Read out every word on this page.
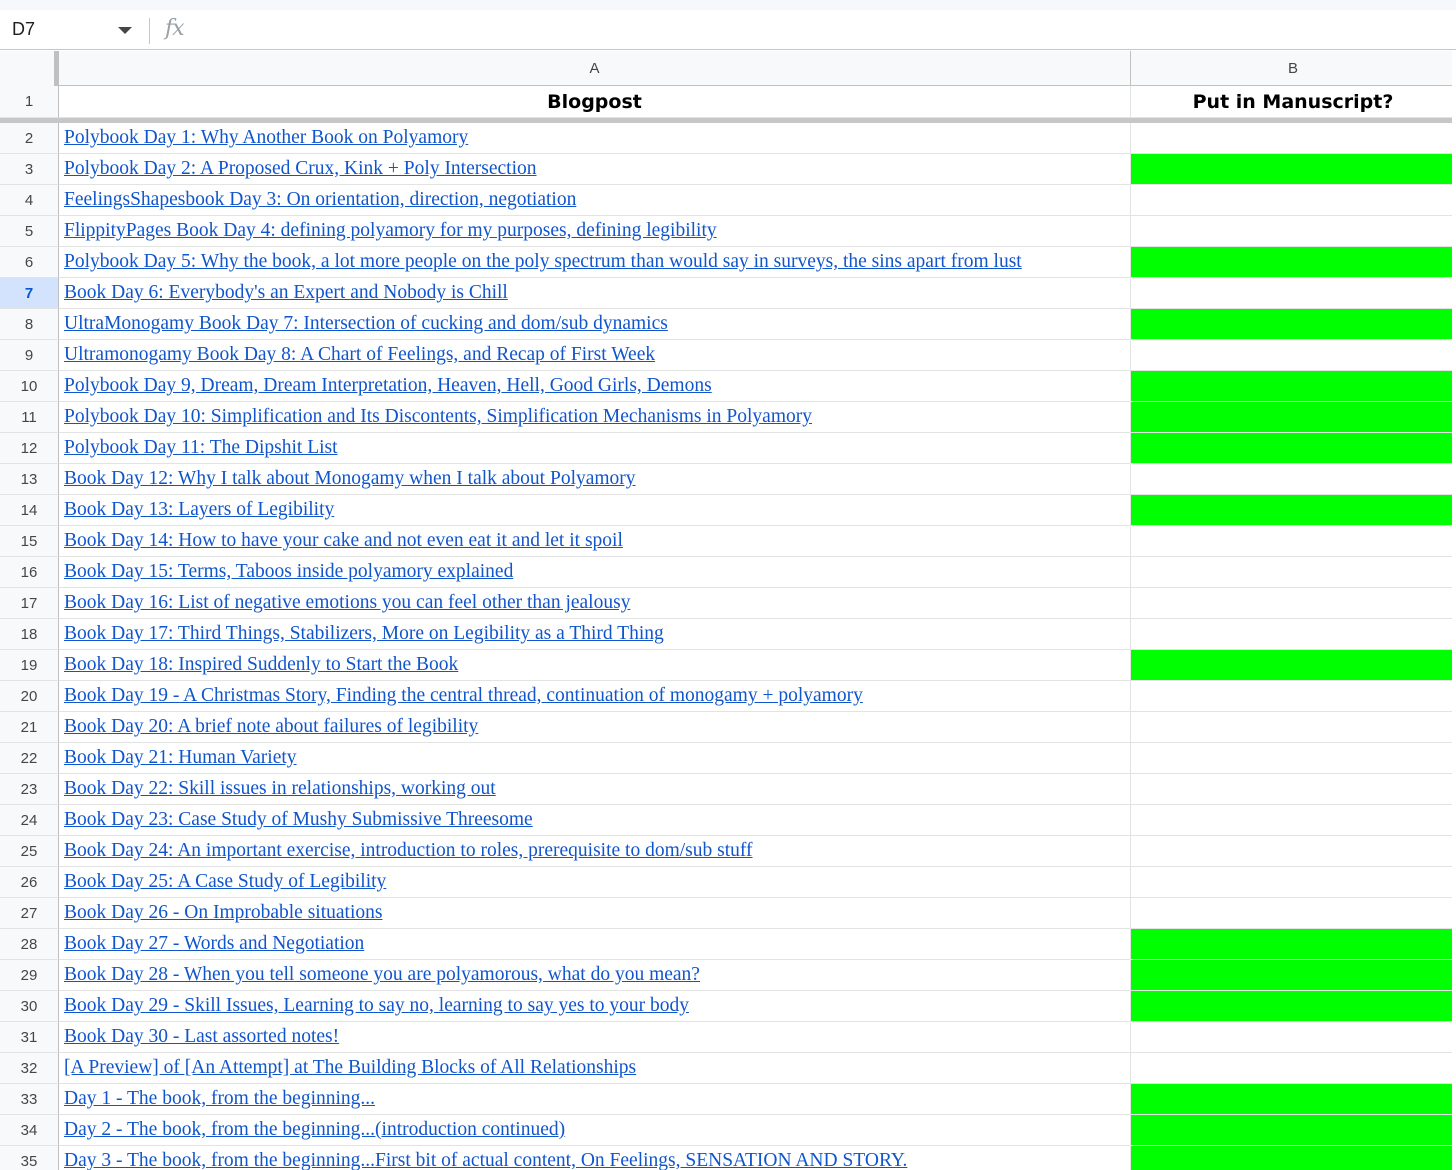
D7	fx
A	B
1	Blogpost	Put in Manuscript?
2	Polybook Day 1: Why Another Book on Polyamory
3	Polybook Day 2: A Proposed Crux, Kink + Poly Intersection
4	FeelingsShapesbook Day 3: On orientation, direction, negotiation
5	FlippityPages Book Day 4: defining polyamory for my purposes, defining legibility
6	Polybook Day 5: Why the book, a lot more people on the poly spectrum than would say in surveys, the sins apart from lust
7	Book Day 6: Everybody's an Expert and Nobody is Chill
8	UltraMonogamy Book Day 7: Intersection of cucking and dom/sub dynamics
9	Ultramonogamy Book Day 8: A Chart of Feelings, and Recap of First Week
10	Polybook Day 9, Dream, Dream Interpretation, Heaven, Hell, Good Girls, Demons
11	Polybook Day 10: Simplification and Its Discontents, Simplification Mechanisms in Polyamory
12	Polybook Day 11: The Dipshit List
13	Book Day 12: Why I talk about Monogamy when I talk about Polyamory
14	Book Day 13: Layers of Legibility
15	Book Day 14: How to have your cake and not even eat it and let it spoil
16	Book Day 15: Terms, Taboos inside polyamory explained
17	Book Day 16: List of negative emotions you can feel other than jealousy
18	Book Day 17: Third Things, Stabilizers, More on Legibility as a Third Thing
19	Book Day 18: Inspired Suddenly to Start the Book
20	Book Day 19 - A Christmas Story, Finding the central thread, continuation of monogamy + polyamory
21	Book Day 20: A brief note about failures of legibility
22	Book Day 21: Human Variety
23	Book Day 22: Skill issues in relationships, working out
24	Book Day 23: Case Study of Mushy Submissive Threesome
25	Book Day 24: An important exercise, introduction to roles, prerequisite to dom/sub stuff
26	Book Day 25: A Case Study of Legibility
27	Book Day 26 - On Improbable situations
28	Book Day 27 - Words and Negotiation
29	Book Day 28 - When you tell someone you are polyamorous, what do you mean?
30	Book Day 29 - Skill Issues, Learning to say no, learning to say yes to your body
31	Book Day 30 - Last assorted notes!
32	[A Preview] of [An Attempt] at The Building Blocks of All Relationships
33	Day 1 - The book, from the beginning...
34	Day 2 - The book, from the beginning...(introduction continued)
35	Day 3 - The book, from the beginning...First bit of actual content, On Feelings, SENSATION AND STORY.
